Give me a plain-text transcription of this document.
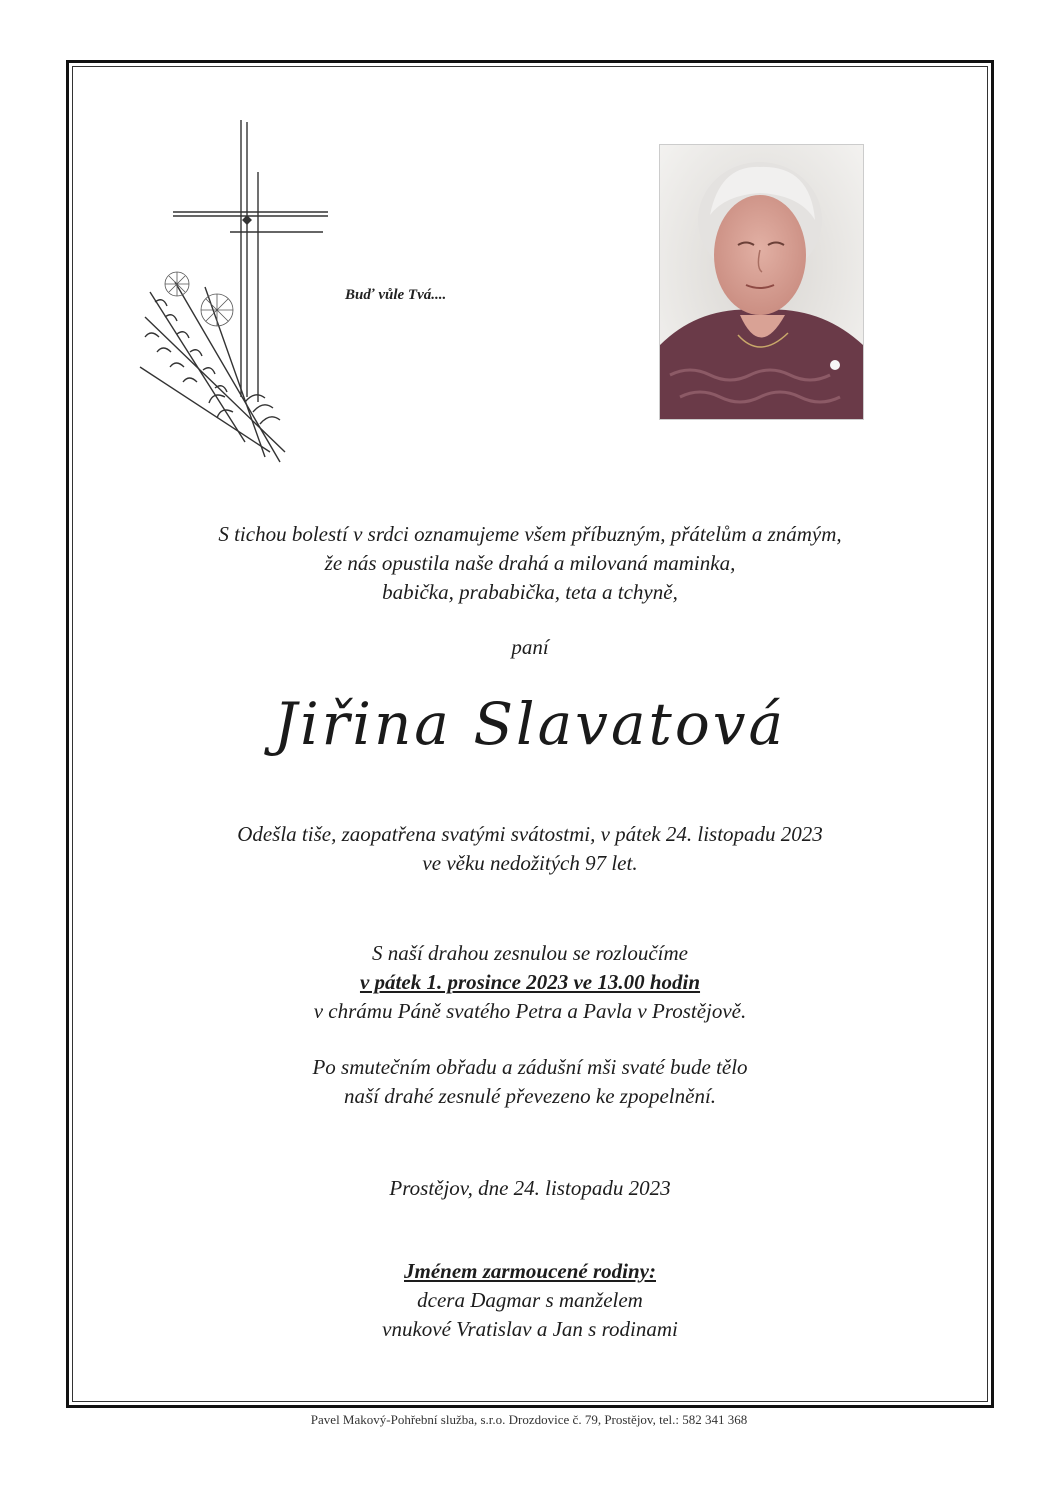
Buď vůle Tvá....

S tichou bolestí v srdci oznamujeme všem příbuzným, přátelům a známým,

že nás opustila naše drahá a milovaná maminka,

babička, prababička, teta a tchyně,

paní

Jiřina Slavatová

Odešla tiše, zaopatřena svatými svátostmi, v pátek 24. listopadu 2023

ve věku nedožitých 97 let.

S naší drahou zesnulou se rozloučíme

v pátek 1. prosince 2023 ve 13.00 hodin

v chrámu Páně svatého Petra a Pavla v Prostějově.

Po smutečním obřadu a zádušní mši svaté bude tělo

naší drahé zesnulé převezeno ke zpopelnění.

Prostějov, dne 24. listopadu 2023

Jménem zarmoucené rodiny:

dcera Dagmar s manželem

vnukové Vratislav a Jan s rodinami

Pavel Makový-Pohřební služba, s.r.o. Drozdovice č. 79, Prostějov, tel.: 582 341 368
